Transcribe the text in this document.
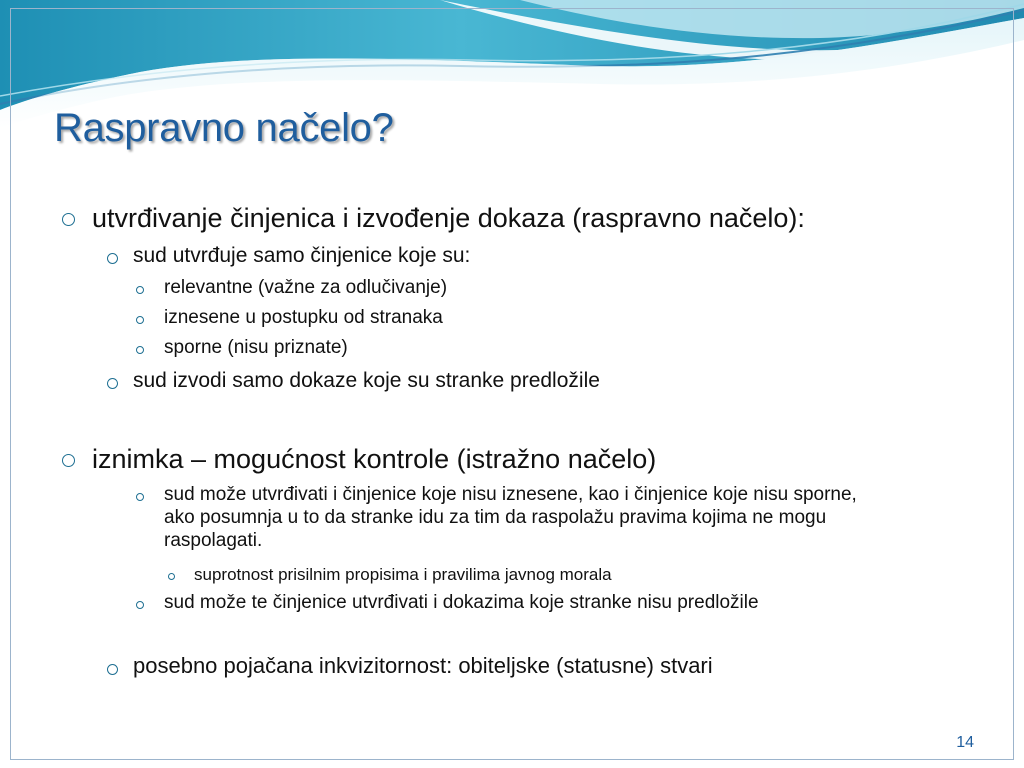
Raspravno načelo?
utvrđivanje činjenica i izvođenje dokaza (raspravno načelo):
sud utvrđuje samo činjenice koje su:
relevantne (važne za odlučivanje)
iznesene u postupku od stranaka
sporne (nisu priznate)
sud izvodi samo dokaze koje su stranke predložile
iznimka – mogućnost kontrole (istražno načelo)
sud može utvrđivati i činjenice koje nisu iznesene, kao i činjenice koje nisu sporne,
ako posumnja u to da stranke idu za tim da raspolažu pravima kojima ne mogu
raspolagati.
suprotnost prisilnim propisima i pravilima javnog morala
sud može te činjenice utvrđivati i dokazima koje stranke nisu predložile
posebno pojačana inkvizitornost: obiteljske (statusne) stvari
14
